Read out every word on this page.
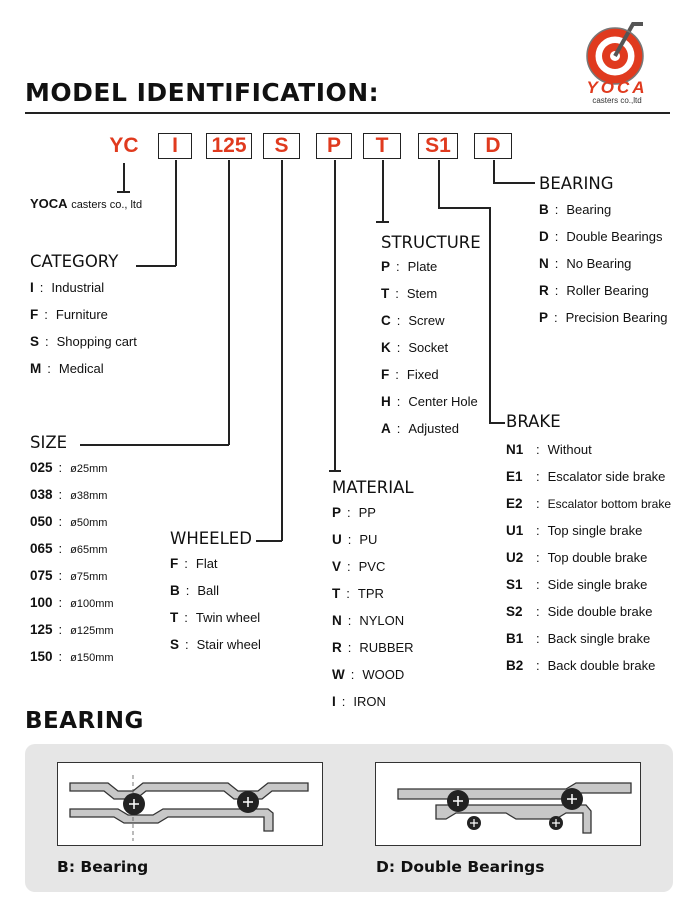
YOCA
casters co.,ltd
MODEL IDENTIFICATION:
YC	I	125	S	P	T	S1	D
YOCA casters co., ltd
CATEGORY
I : Industrial
F : Furniture
S : Shopping cart
M : Medical
SIZE
025 : ø25mm
038 : ø38mm
050 : ø50mm
065 : ø65mm
075 : ø75mm
100 : ø100mm
125 : ø125mm
150 : ø150mm
WHEELED
F : Flat
B : Ball
T : Twin wheel
S : Stair wheel
MATERIAL
P : PP
U : PU
V : PVC
T : TPR
N : NYLON
R : RUBBER
W : WOOD
I : IRON
STRUCTURE
P : Plate
T : Stem
C : Screw
K : Socket
F : Fixed
H : Center Hole
A : Adjusted
BEARING
B : Bearing
D : Double Bearings
N : No Bearing
R : Roller Bearing
P : Precision Bearing
BRAKE
N1 : Without
E1 : Escalator side brake
E2 : Escalator bottom brake
U1 : Top single brake
U2 : Top double brake
S1 : Side single brake
S2 : Side double brake
B1 : Back single brake
B2 : Back double brake
BEARING
B: Bearing	D: Double Bearings
